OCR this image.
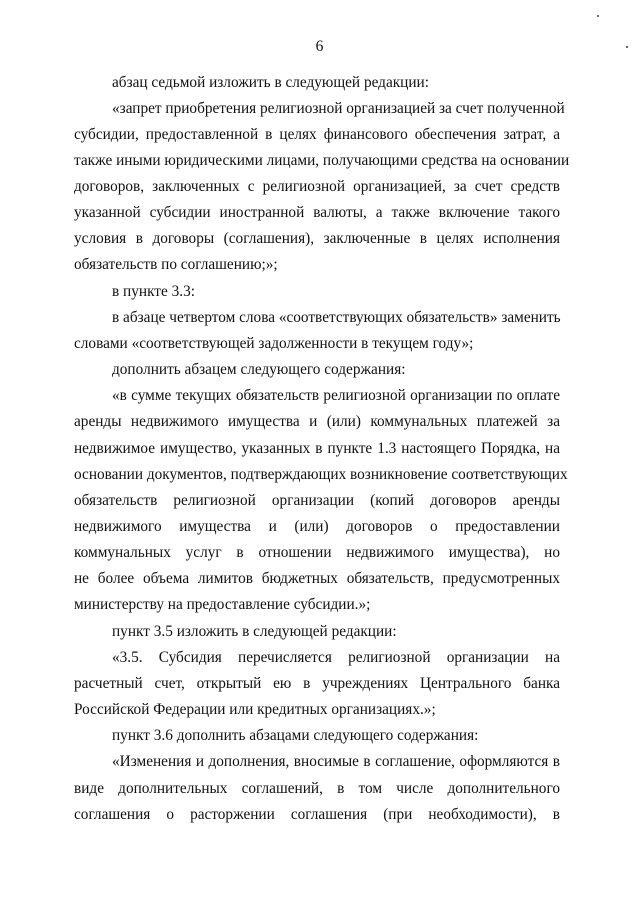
6
абзац седьмой изложить в следующей редакции:
«запрет приобретения религиозной организацией за счет полученной
субсидии, предоставленной в целях финансового обеспечения затрат, а
также иными юридическими лицами, получающими средства на основании
договоров, заключенных с религиозной организацией, за счет средств
указанной субсидии иностранной валюты, а также включение такого
условия в договоры (соглашения), заключенные в целях исполнения
обязательств по соглашению;»;
в пункте 3.3:
в абзаце четвертом слова «соответствующих обязательств» заменить
словами «соответствующей задолженности в текущем году»;
дополнить абзацем следующего содержания:
«в сумме текущих обязательств религиозной организации по оплате
аренды недвижимого имущества и (или) коммунальных платежей за
недвижимое имущество, указанных в пункте 1.3 настоящего Порядка, на
основании документов, подтверждающих возникновение соответствующих
обязательств религиозной организации (копий договоров аренды
недвижимого имущества и (или) договоров о предоставлении
коммунальных услуг в отношении недвижимого имущества), но
не более объема лимитов бюджетных обязательств, предусмотренных
министерству на предоставление субсидии.»;
пункт 3.5 изложить в следующей редакции:
«3.5. Субсидия перечисляется религиозной организации на
расчетный счет, открытый ею в учреждениях Центрального банка
Российской Федерации или кредитных организациях.»;
пункт 3.6 дополнить абзацами следующего содержания:
«Изменения и дополнения, вносимые в соглашение, оформляются в
виде дополнительных соглашений, в том числе дополнительного
соглашения о расторжении соглашения (при необходимости), в
